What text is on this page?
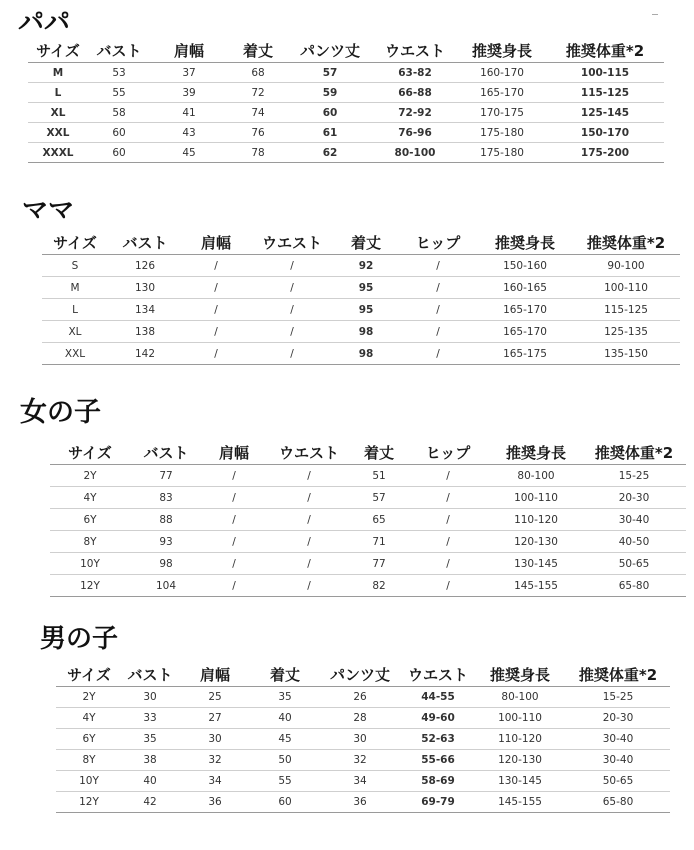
パパ
サイズ	バスト	肩幅	着丈	パンツ丈	ウエスト	推奨身長	推奨体重*2
M	53	37	68	57	63-82	160-170	100-115
L	55	39	72	59	66-88	165-170	115-125
XL	58	41	74	60	72-92	170-175	125-145
XXL	60	43	76	61	76-96	175-180	150-170
XXXL	60	45	78	62	80-100	175-180	175-200
ママ
サイズ	バスト	肩幅	ウエスト	着丈	ヒップ	推奨身長	推奨体重*2
S	126	/	/	92	/	150-160	90-100
M	130	/	/	95	/	160-165	100-110
L	134	/	/	95	/	165-170	115-125
XL	138	/	/	98	/	165-170	125-135
XXL	142	/	/	98	/	165-175	135-150
女の子
サイズ	バスト	肩幅	ウエスト	着丈	ヒップ	推奨身長	推奨体重*2
2Y	77	/	/	51	/	80-100	15-25
4Y	83	/	/	57	/	100-110	20-30
6Y	88	/	/	65	/	110-120	30-40
8Y	93	/	/	71	/	120-130	40-50
10Y	98	/	/	77	/	130-145	50-65
12Y	104	/	/	82	/	145-155	65-80
男の子
サイズ	バスト	肩幅	着丈	パンツ丈	ウエスト	推奨身長	推奨体重*2
2Y	30	25	35	26	44-55	80-100	15-25
4Y	33	27	40	28	49-60	100-110	20-30
6Y	35	30	45	30	52-63	110-120	30-40
8Y	38	32	50	32	55-66	120-130	30-40
10Y	40	34	55	34	58-69	130-145	50-65
12Y	42	36	60	36	69-79	145-155	65-80
